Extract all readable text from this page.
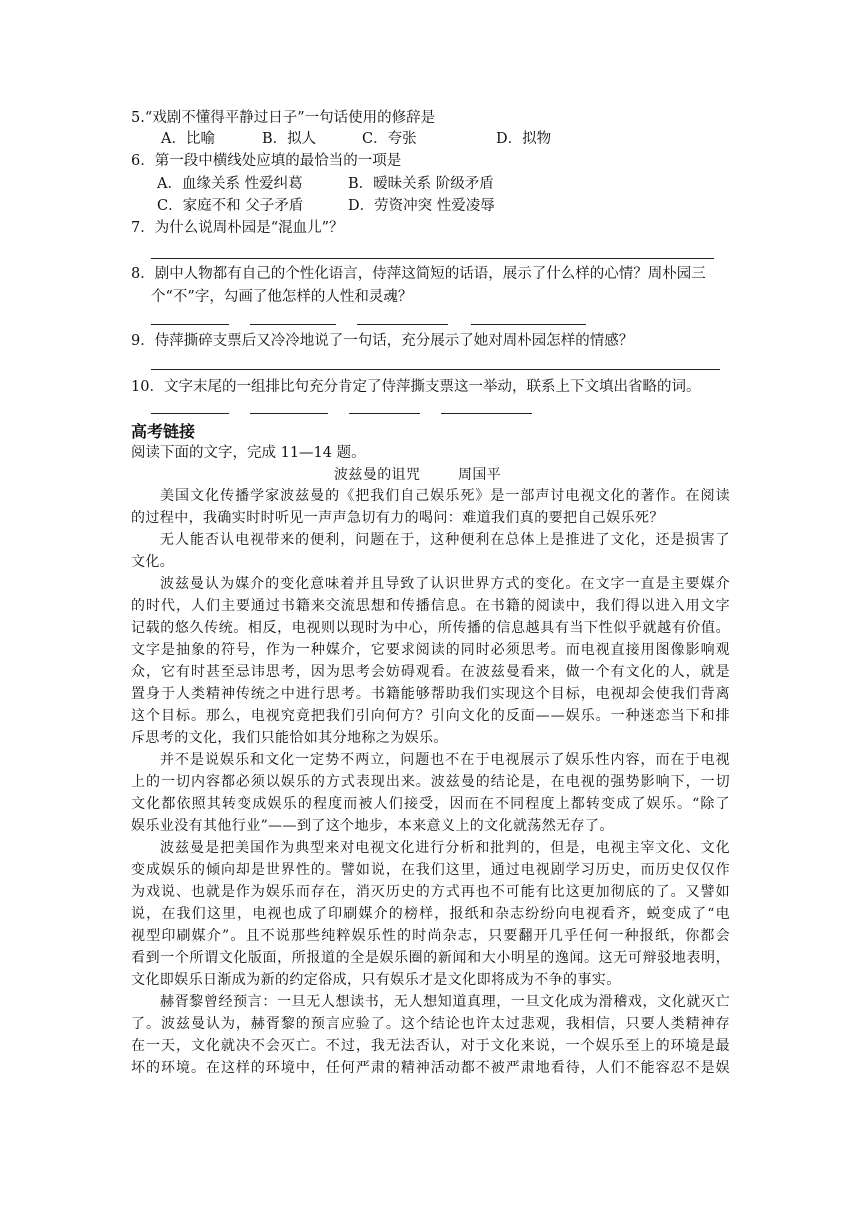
5.“戏剧不懂得平静过日子”一句话使用的修辞是
A．比喻	B．拟人	C．夸张	D．拟物
6．第一段中横线处应填的最恰当的一项是
A．血缘关系 性爱纠葛	B．暧昧关系 阶级矛盾
C．家庭不和 父子矛盾	D．劳资冲突 性爱凌辱
7．为什么说周朴园是“混血儿”？
8．剧中人物都有自己的个性化语言，侍萍这简短的话语，展示了什么样的心情？周朴园三
个“不”字，勾画了他怎样的人性和灵魂？
9．侍萍撕碎支票后又冷冷地说了一句话，充分展示了她对周朴园怎样的情感？
10．文字末尾的一组排比句充分肯定了侍萍撕支票这一举动，联系上下文填出省略的词。
高考链接
阅读下面的文字，完成 11—14 题。
波兹曼的诅咒	周国平
美国文化传播学家波兹曼的《把我们自己娱乐死》是一部声讨电视文化的著作。在阅读
的过程中，我确实时时听见一声声急切有力的喝问：难道我们真的要把自己娱乐死？
无人能否认电视带来的便利，问题在于，这种便利在总体上是推进了文化，还是损害了
文化。
波兹曼认为媒介的变化意味着并且导致了认识世界方式的变化。在文字一直是主要媒介
的时代，人们主要通过书籍来交流思想和传播信息。在书籍的阅读中，我们得以进入用文字
记载的悠久传统。相反，电视则以现时为中心，所传播的信息越具有当下性似乎就越有价值。
文字是抽象的符号，作为一种媒介，它要求阅读的同时必须思考。而电视直接用图像影响观
众，它有时甚至忌讳思考，因为思考会妨碍观看。在波兹曼看来，做一个有文化的人，就是
置身于人类精神传统之中进行思考。书籍能够帮助我们实现这个目标，电视却会使我们背离
这个目标。那么，电视究竟把我们引向何方？引向文化的反面——娱乐。一种迷恋当下和排
斥思考的文化，我们只能恰如其分地称之为娱乐。
并不是说娱乐和文化一定势不两立，问题也不在于电视展示了娱乐性内容，而在于电视
上的一切内容都必须以娱乐的方式表现出来。波兹曼的结论是，在电视的强势影响下，一切
文化都依照其转变成娱乐的程度而被人们接受，因而在不同程度上都转变成了娱乐。“除了
娱乐业没有其他行业”——到了这个地步，本来意义上的文化就荡然无存了。
波兹曼是把美国作为典型来对电视文化进行分析和批判的，但是，电视主宰文化、文化
变成娱乐的倾向却是世界性的。譬如说，在我们这里，通过电视剧学习历史，而历史仅仅作
为戏说、也就是作为娱乐而存在，消灭历史的方式再也不可能有比这更加彻底的了。又譬如
说，在我们这里，电视也成了印刷媒介的榜样，报纸和杂志纷纷向电视看齐，蜕变成了“电
视型印刷媒介”。且不说那些纯粹娱乐性的时尚杂志，只要翻开几乎任何一种报纸，你都会
看到一个所谓文化版面，所报道的全是娱乐圈的新闻和大小明星的逸闻。这无可辩驳地表明，
文化即娱乐日渐成为新的约定俗成，只有娱乐才是文化即将成为不争的事实。
赫胥黎曾经预言：一旦无人想读书，无人想知道真理，一旦文化成为滑稽戏，文化就灭亡
了。波兹曼认为，赫胥黎的预言应验了。这个结论也许太过悲观，我相信，只要人类精神存
在一天，文化就决不会灭亡。不过，我无法否认，对于文化来说，一个娱乐至上的环境是最
坏的环境。在这样的环境中，任何严肃的精神活动都不被严肃地看待，人们不能容忍不是娱
